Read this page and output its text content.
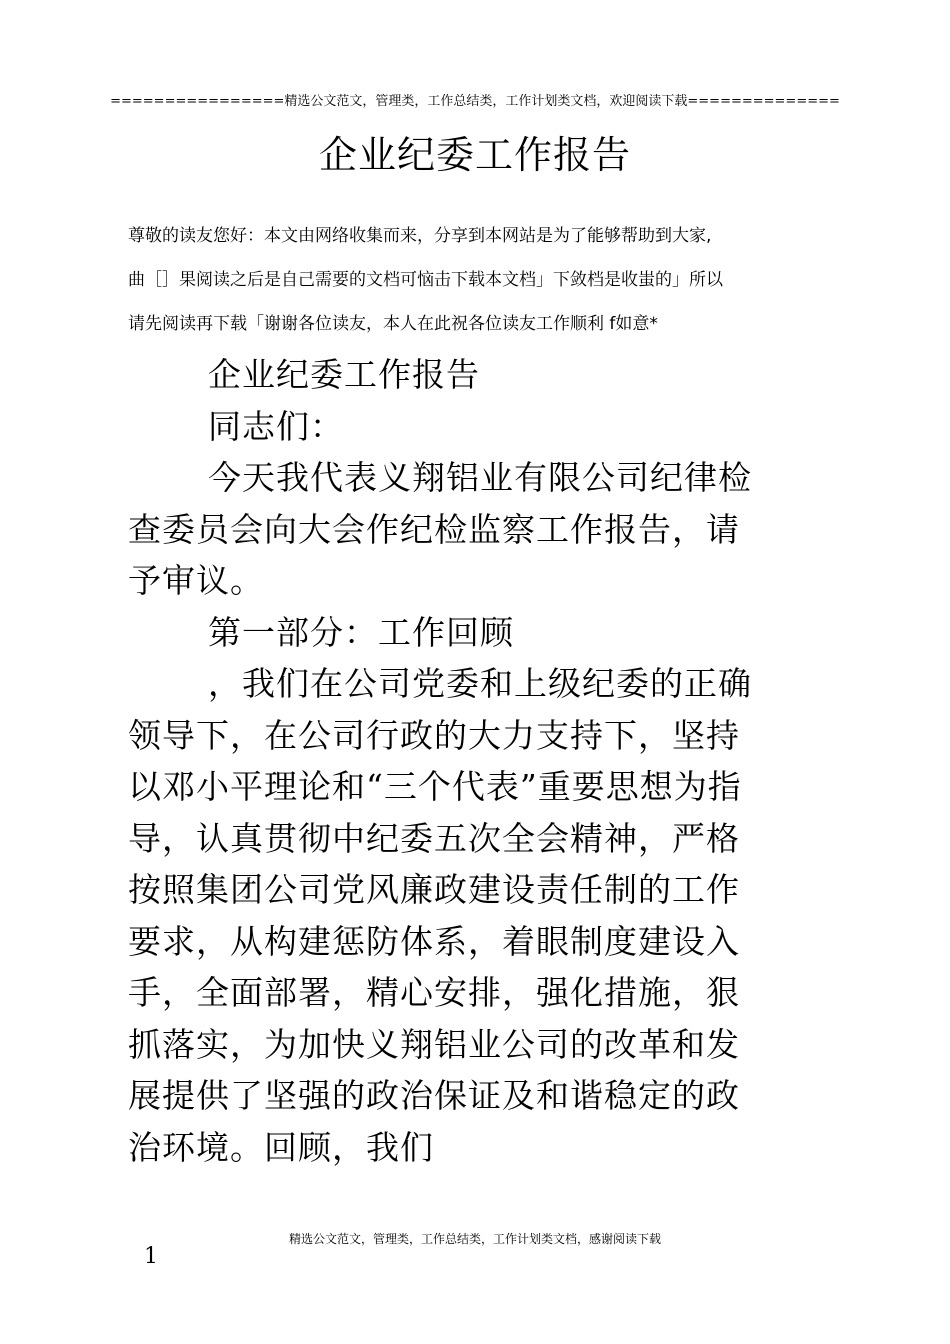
================精选公文范文，管理类，工作总结类，工作计划类文档，欢迎阅读下载==============
企业纪委工作报告
尊敬的读友您好：本文由网络收集而来，分享到本网站是为了能够帮助到大家,
曲［］果阅读之后是自己需要的文档可恼击下载本文档」下敛档是收蚩的」所以
请先阅读再下载「谢谢各位读友，本人在此祝各位读友工作顺利 f如意*
企业纪委工作报告
同志们：
今天我代表义翔铝业有限公司纪律检
查委员会向大会作纪检监察工作报告，请
予审议。
第一部分：工作回顾
，我们在公司党委和上级纪委的正确
领导下，在公司行政的大力支持下，坚持
以邓小平理论和“三个代表”重要思想为指
导，认真贯彻中纪委五次全会精神，严格
按照集团公司党风廉政建设责任制的工作
要求，从构建惩防体系，着眼制度建设入
手，全面部署，精心安排，强化措施，狠
抓落实，为加快义翔铝业公司的改革和发
展提供了坚强的政治保证及和谐稳定的政
治环境。回顾，我们
精选公文范文，管理类，工作总结类，工作计划类文档，感谢阅读下载
1
